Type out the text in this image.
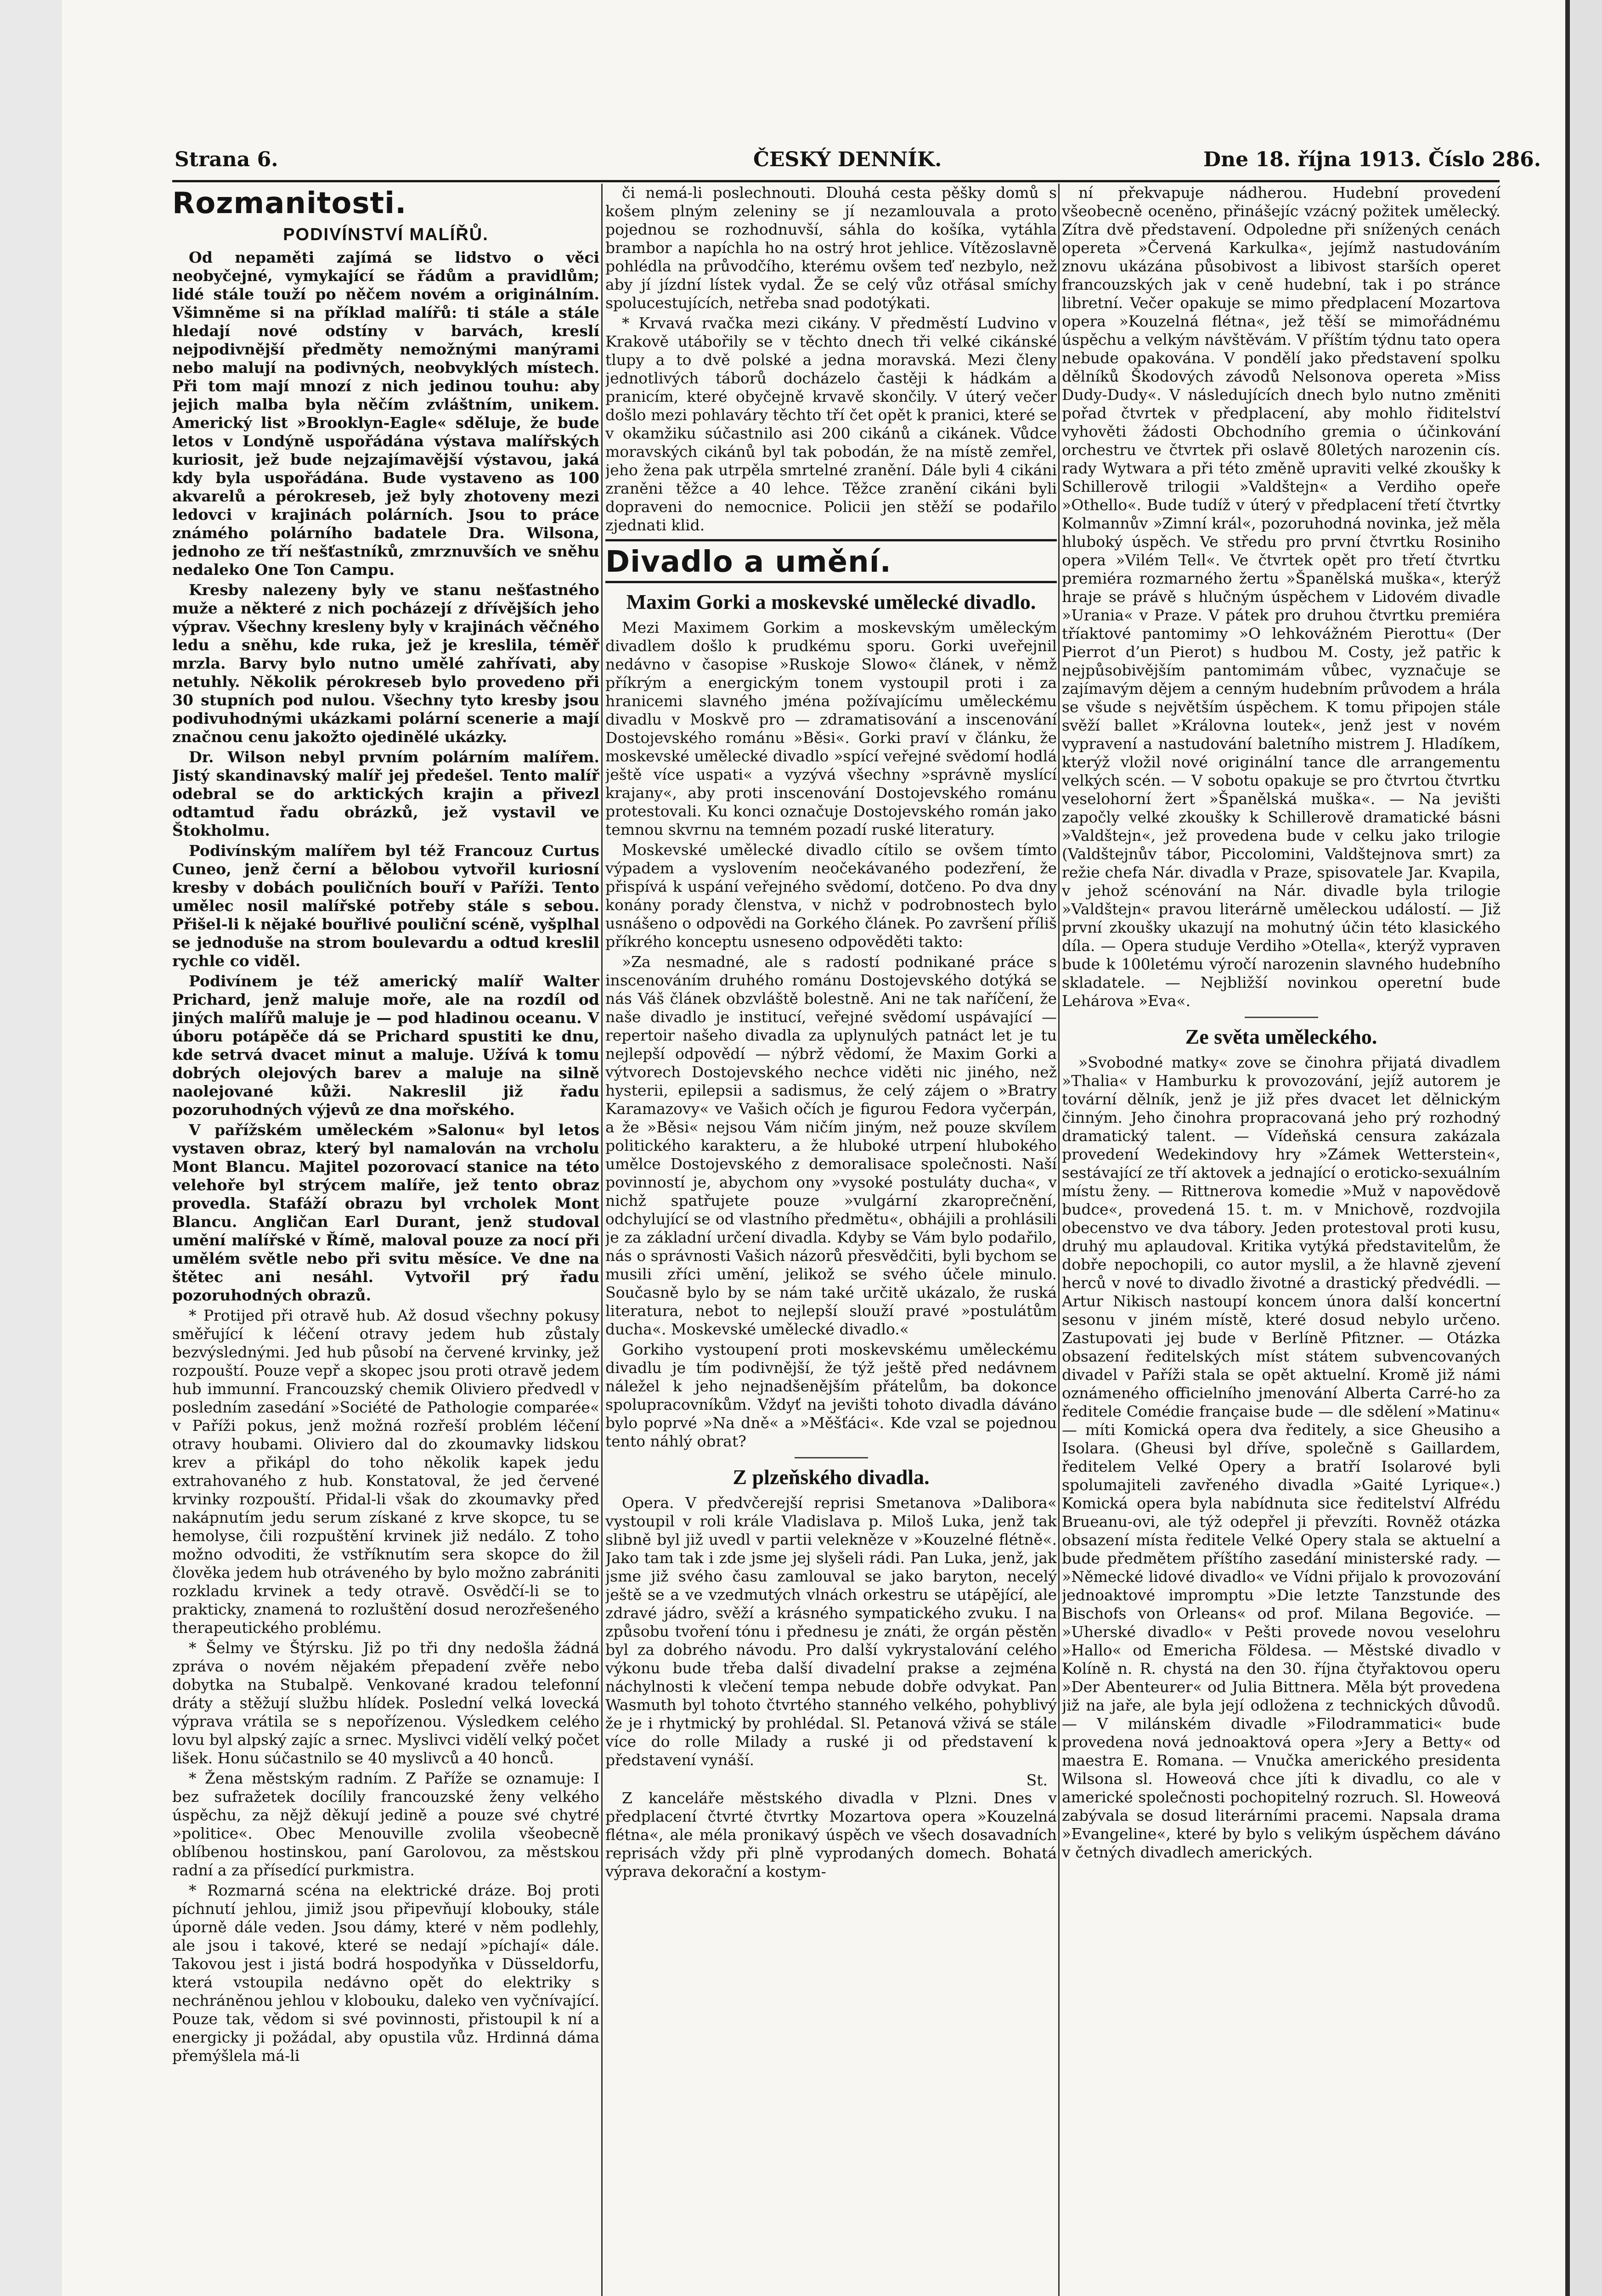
Strana 6.	ČESKÝ DENNÍK.	Dne 18. října 1913. Číslo 286.
Rozmanitosti.
PODIVÍNSTVÍ MALÍŘŮ.

Od nepaměti zajímá se lidstvo o věci neobyčejné, vymykající se řádům a pravidlům; lidé stále touží po něčem novém a originálním. Všimněme si na příklad malířů: ti stále a stále hledají nové odstíny v barvách, kreslí nejpodivnější předměty nemožnými manýrami nebo malují na podivných, neobvyklých místech. Při tom mají mnozí z nich jedinou touhu: aby jejich malba byla něčím zvláštním, unikem. Americký list »Brooklyn-Eagle« sděluje, že bude letos v Londýně uspořádána výstava malířských kuriosit, jež bude nejzajímavější výstavou, jaká kdy byla uspořádána. Bude vystaveno as 100 akvarelů a pérokreseb, jež byly zhotoveny mezi ledovci v krajinách polárních. Jsou to práce známého polárního badatele Dra. Wilsona, jednoho ze tří nešťastníků, zmrznuvších ve sněhu nedaleko One Ton Campu.

Kresby nalezeny byly ve stanu nešťastného muže a některé z nich pocházejí z dřívějších jeho výprav. Všechny kresleny byly v krajinách věčného ledu a sněhu, kde ruka, jež je kreslila, téměř mrzla. Barvy bylo nutno umělé zahřívati, aby netuhly. Několik pérokreseb bylo provedeno při 30 stupních pod nulou. Všechny tyto kresby jsou podivuhodnými ukázkami polární scenerie a mají značnou cenu jakožto ojedinělé ukázky.

Dr. Wilson nebyl prvním polárním malířem. Jistý skandinavský malíř jej předešel. Tento malíř odebral se do arktických krajin a přivezl odtamtud řadu obrázků, jež vystavil ve Štokholmu.

Podivínským malířem byl též Francouz Curtus Cuneo, jenž černí a bělobou vytvořil kuriosní kresby v dobách pouličních bouří v Paříži. Tento umělec nosil malířské potřeby stále s sebou. Přišel-li k nějaké bouřlivé pouliční scéně, vyšplhal se jednoduše na strom boulevardu a odtud kreslil rychle co viděl.

Podivínem je též americký malíř Walter Prichard, jenž maluje moře, ale na rozdíl od jiných malířů maluje je — pod hladinou oceanu. V úboru potápěče dá se Prichard spustiti ke dnu, kde setrvá dvacet minut a maluje. Užívá k tomu dobrých olejových barev a maluje na silně naolejované kůži. Nakreslil již řadu pozoruhodných výjevů ze dna mořského.

V pařížském uměleckém »Salonu« byl letos vystaven obraz, který byl namalován na vrcholu Mont Blancu. Majitel pozorovací stanice na této velehoře byl strýcem malíře, jež tento obraz provedla. Stafáží obrazu byl vrcholek Mont Blancu. Angličan Earl Durant, jenž studoval umění malířské v Římě, maloval pouze za nocí při umělém světle nebo při svitu měsíce. Ve dne na štětec ani nesáhl. Vytvořil prý řadu pozoruhodných obrazů.

* Protijed při otravě hub. Až dosud všechny pokusy směřující k léčení otravy jedem hub zůstaly bezvýslednými. Jed hub působí na červené krvinky, jež rozpouští. Pouze vepř a skopec jsou proti otravě jedem hub immunní. Francouzský chemik Oliviero předvedl v posledním zasedání »Société de Pathologie comparée« v Paříži pokus, jenž možná rozřeší problém léčení otravy houbami. Oliviero dal do zkoumavky lidskou krev a přikápl do toho několik kapek jedu extrahovaného z hub. Konstatoval, že jed červené krvinky rozpouští. Přidal-li však do zkoumavky před nakápnutím jedu serum získané z krve skopce, tu se hemolyse, čili rozpuštění krvinek již nedálo. Z toho možno odvoditi, že vstříknutím sera skopce do žil člověka jedem hub otráveného by bylo možno zabrániti rozkladu krvinek a tedy otravě. Osvědčí-li se to prakticky, znamená to rozluštění dosud nerozřešeného therapeutického problému.

* Šelmy ve Štýrsku. Již po tři dny nedošla žádná zpráva o novém nějakém přepadení zvěře nebo dobytka na Stubalpě. Venkované kradou telefonní dráty a stěžují službu hlídek. Poslední velká lovecká výprava vrátila se s nepořízenou. Výsledkem celého lovu byl alpský zajíc a srnec. Myslivci vidělí velký počet lišek. Honu súčastnilo se 40 myslivců a 40 honců.

* Žena městským radním. Z Paříže se oznamuje: I bez sufražetek docílily francouzské ženy velkého úspěchu, za nějž děkují jedině a pouze své chytré »politice«. Obec Menouville zvolila všeobecně oblíbenou hostinskou, paní Garolovou, za městskou radní a za přísedící purkmistra.

* Rozmarná scéna na elektrické dráze. Boj proti píchnutí jehlou, jimiž jsou připevňují klobouky, stále úporně dále veden. Jsou dámy, které v něm podlehly, ale jsou i takové, které se nedají »píchají« dále. Takovou jest i jistá bodrá hospodyňka v Düsseldorfu, která vstoupila nedávno opět do elektriky s nechráněnou jehlou v klobouku, daleko ven vyčnívající. Pouze tak, vědom si své povinnosti, přistoupil k ní a energicky ji požádal, aby opustila vůz. Hrdinná dáma přemýšlela má-li

či nemá-li poslechnouti. Dlouhá cesta pěšky domů s košem plným zeleniny se jí nezamlouvala a proto pojednou se rozhodnuvší, sáhla do košíka, vytáhla brambor a napíchla ho na ostrý hrot jehlice. Vítězoslavně pohlédla na průvodčího, kterému ovšem teď nezbylo, než aby jí jízdní lístek vydal. Že se celý vůz otřásal smíchy spolucestujících, netřeba snad podotýkati.

* Krvavá rvačka mezi cikány. V předměstí Ludvino v Krakově utábořily se v těchto dnech tři velké cikánské tlupy a to dvě polské a jedna moravská. Mezi členy jednotlivých táborů docházelo častěji k hádkám a pranicím, které obyčejně krvavě skončily. V úterý večer došlo mezi pohlaváry těchto tří čet opět k pranici, které se v okamžiku súčastnilo asi 200 cikánů a cikánek. Vůdce moravských cikánů byl tak pobodán, že na místě zemřel, jeho žena pak utrpěla smrtelné zranění. Dále byli 4 cikáni zraněni těžce a 40 lehce. Těžce zranění cikáni byli dopraveni do nemocnice. Policii jen stěží se podařilo zjednati klid.

Divadlo a umění.
Maxim Gorki a moskevské umělecké divadlo.

Mezi Maximem Gorkim a moskevským uměleckým divadlem došlo k prudkému sporu. Gorki uveřejnil nedávno v časopise »Ruskoje Slowo« článek, v němž příkrým a energickým tonem vystoupil proti i za hranicemi slavného jména požívajícímu uměleckému divadlu v Moskvě pro — zdramatisování a inscenování Dostojevského románu »Běsi«. Gorki praví v článku, že moskevské umělecké divadlo »spící veřejné svědomí hodlá ještě více uspati« a vyzývá všechny »správně myslící krajany«, aby proti inscenování Dostojevského románu protestovali. Ku konci označuje Dostojevského román jako temnou skvrnu na temném pozadí ruské literatury.

Moskevské umělecké divadlo cítilo se ovšem tímto výpadem a vyslovením neočekávaného podezření, že přispívá k uspání veřejného svědomí, dotčeno. Po dva dny konány porady členstva, v nichž v podrobnostech bylo usnášeno o odpovědi na Gorkého článek. Po završení příliš příkrého konceptu usneseno odpověděti takto:

»Za nesmadné, ale s radostí podnikané práce s inscenováním druhého románu Dostojevského dotýká se nás Váš článek obzvláště bolestně. Ani ne tak naříčení, že naše divadlo je institucí, veřejné svědomí uspávající — repertoir našeho divadla za uplynulých patnáct let je tu nejlepší odpovědí — nýbrž vědomí, že Maxim Gorki a výtvorech Dostojevského nechce viděti nic jiného, než hysterii, epilepsii a sadismus, že celý zájem o »Bratry Karamazovy« ve Vašich očích je figurou Fedora vyčerpán, a že »Běsi« nejsou Vám ničím jiným, než pouze skvílem politického karakteru, a že hluboké utrpení hlubokého umělce Dostojevského z demoralisace společnosti. Naší povinností je, abychom ony »vysoké postuláty ducha«, v nichž spatřujete pouze »vulgární zkaroprečnění, odchylující se od vlastního předmětu«, obhájili a prohlásili je za základní určení divadla. Kdyby se Vám bylo podařilo, nás o správnosti Vašich názorů přesvědčiti, byli bychom se musili zříci umění, jelikož se svého účele minulo. Současně bylo by se nám také určitě ukázalo, že ruská literatura, nebot to nejlepší slouží pravé »postulátům ducha«. Moskevské umělecké divadlo.«

Gorkiho vystoupení proti moskevskému uměleckému divadlu je tím podivnější, že týž ještě před nedávnem náležel k jeho nejnadšenějším přátelům, ba dokonce spolupracovníkům. Vždyť na jevišti tohoto divadla dáváno bylo poprvé »Na dně« a »Měšťáci«. Kde vzal se pojednou tento náhlý obrat?

Z plzeňského divadla.

Opera. V předvčerejší reprisi Smetanova »Dalibora« vystoupil v roli krále Vladislava p. Miloš Luka, jenž tak slibně byl již uvedl v partii velekněze v »Kouzelné flétně«. Jako tam tak i zde jsme jej slyšeli rádi. Pan Luka, jenž, jak jsme již svého času zamlouval se jako baryton, necelý ještě se a ve vzedmutých vlnách orkestru se utápějící, ale zdravé jádro, svěží a krásného sympatického zvuku. I na způsobu tvoření tónu i přednesu je znáti, že orgán pěstěn byl za dobrého návodu. Pro další vykrystalování celého výkonu bude třeba další divadelní prakse a zejména náchylnosti k vlečení tempa nebude dobře odvykat. Pan Wasmuth byl tohoto čtvrtého stanného velkého, pohyblivý že je i rhytmický by prohlédal. Sl. Petanová vživá se stále více do rolle Milady a ruské ji od představení k představení vynáší.

St.

Z kanceláře městského divadla v Plzni. Dnes v předplacení čtvrté čtvrtky Mozartova opera »Kouzelná flétna«, ale méla pronikavý úspěch ve všech dosavadních reprisách vždy při plně vyprodaných domech. Bohatá výprava dekorační a kostym-

ní překvapuje nádherou. Hudební provedení všeobecně oceněno, přinášejíc vzácný požitek umělecký. Zítra dvě představení. Odpoledne při snížených cenách opereta »Červená Karkulka«, jejímž nastudováním znovu ukázána působivost a libivost starších operet francouzských jak v ceně hudební, tak i po stránce libretní. Večer opakuje se mimo předplacení Mozartova opera »Kouzelná flétna«, jež těší se mimořádnému úspěchu a velkým návštěvám. V příštím týdnu tato opera nebude opakována. V pondělí jako představení spolku dělníků Škodových závodů Nelsonova opereta »Miss Dudy-Dudy«. V následujících dnech bylo nutno změniti pořad čtvrtek v předplacení, aby mohlo řiditelství vyhověti žádosti Obchodního gremia o účinkování orchestru ve čtvrtek při oslavě 80letých narozenin cís. rady Wytwara a při této změně upraviti velké zkoušky k Schillerově trilogii »Valdštejn« a Verdiho opeře »Othello«. Bude tudíž v úterý v předplacení třetí čtvrtky Kolmannův »Zimní král«, pozoruhodná novinka, jež měla hluboký úspěch. Ve středu pro první čtvrtku Rosiniho opera »Vilém Tell«. Ve čtvrtek opět pro třetí čtvrtku premiéra rozmarného žertu »Španělská muška«, kterýž hraje se právě s hlučným úspěchem v Lidovém divadle »Urania« v Praze. V pátek pro druhou čtvrtku premiéra tříaktové pantomimy »O lehkovážném Pierottu« (Der Pierrot d’un Pierot) s hudbou M. Costy, jež patřic k nejpůsobivějším pantomimám vůbec, vyznačuje se zajímavým dějem a cenným hudebním průvodem a hrála se všude s největším úspěchem. K tomu připojen stále svěží ballet »Královna loutek«, jenž jest v novém vypravení a nastudování baletního mistrem J. Hladíkem, kterýž vložil nové originální tance dle arrangementu velkých scén. — V sobotu opakuje se pro čtvrtou čtvrtku veselohorní žert »Španělská muška«. — Na jevišti započly velké zkoušky k Schillerově dramatické básni »Valdštejn«, jež provedena bude v celku jako trilogie (Valdštejnův tábor, Piccolomini, Valdštejnova smrt) za režie chefa Nár. divadla v Praze, spisovatele Jar. Kvapila, v jehož scénování na Nár. divadle byla trilogie »Valdštejn« pravou literárně uměleckou událostí. — Již první zkoušky ukazují na mohutný účin této klasického díla. — Opera studuje Verdiho »Otella«, kterýž vypraven bude k 100letému výročí narozenin slavného hudebního skladatele. — Nejbližší novinkou operetní bude Lehárova »Eva«.

Ze světa uměleckého.

»Svobodné matky« zove se činohra přijatá divadlem »Thalia« v Hamburku k provozování, jejíž autorem je tovární dělník, jenž je již přes dvacet let dělnickým činným. Jeho činohra propracovaná jeho prý rozhodný dramatický talent. — Vídeňská censura zakázala provedení Wedekindovy hry »Zámek Wetterstein«, sestávající ze tří aktovek a jednající o eroticko-sexuálním místu ženy. — Rittnerova komedie »Muž v napovědově budce«, provedená 15. t. m. v Mnichově, rozdvojila obecenstvo ve dva tábory. Jeden protestoval proti kusu, druhý mu aplaudoval. Kritika vytýká představitelům, že dobře nepochopili, co autor myslil, a že hlavně zjevení herců v nové to divadlo životné a drastický předvédli. — Artur Nikisch nastoupí koncem února další koncertní sesonu v jiném místě, které dosud nebylo určeno. Zastupovati jej bude v Berlíně Pfitzner. — Otázka obsazení ředitelských míst státem subvencovaných divadel v Paříži stala se opět aktuelní. Kromě již námi oznámeného officielního jmenování Alberta Carré-ho za ředitele Comédie française bude — dle sdělení »Matinu« — míti Komická opera dva ředitely, a sice Gheusiho a Isolara. (Gheusi byl dříve, společně s Gaillardem, ředitelem Velké Opery a bratří Isolarové byli spolumajiteli zavřeného divadla »Gaité Lyrique«.) Komická opera byla nabídnuta sice ředitelství Alfrédu Brueanu-ovi, ale týž odepřel ji převzíti. Rovněž otázka obsazení místa ředitele Velké Opery stala se aktuelní a bude předmětem příštího zasedání ministerské rady. — »Německé lidové divadlo« ve Vídni přijalo k provozování jednoaktové impromptu »Die letzte Tanzstunde des Bischofs von Orleans« od prof. Milana Begoviće. — »Uherské divadlo« v Pešti provede novou veselohru »Hallo« od Emericha Földesa. — Městské divadlo v Kolíně n. R. chystá na den 30. října čtyřaktovou operu »Der Abenteurer« od Julia Bittnera. Měla být provedena již na jaře, ale byla její odložena z technických důvodů. — V milánském divadle »Filodrammatici« bude provedena nová jednoaktová opera »Jery a Betty« od maestra E. Romana. — Vnučka amerického presidenta Wilsona sl. Howeová chce jíti k divadlu, co ale v americké společnosti pochopitelný rozruch. Sl. Howeová zabývala se dosud literárními pracemi. Napsala drama »Evangeline«, které by bylo s velikým úspěchem dáváno v četných divadlech amerických.
